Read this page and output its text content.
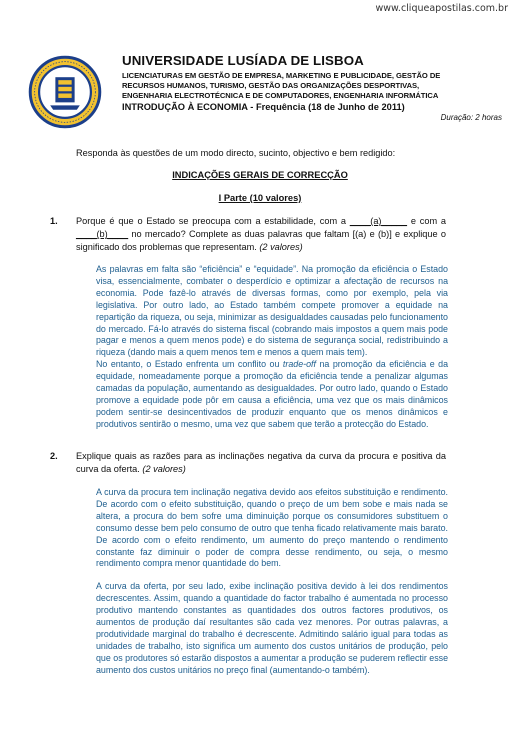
www.cliqueapostilas.com.br
UNIVERSIDADE LUSÍADA DE LISBOA
LICENCIATURAS EM GESTÃO DE EMPRESA, MARKETING E PUBLICIDADE, GESTÃO DE
RECURSOS HUMANOS, TURISMO, GESTÃO DAS ORGANIZAÇÕES DESPORTIVAS,
ENGENHARIA ELECTROTÉCNICA E DE COMPUTADORES, ENGENHARIA INFORMÁTICA
INTRODUÇÃO À ECONOMIA - Frequência (18 de Junho de 2011)
Duração: 2 horas
Responda às questões de um modo directo, sucinto, objectivo e bem redigido:
INDICAÇÕES GERAIS DE CORRECÇÃO
I Parte (10 valores)
1. Porque é que o Estado se preocupa com a estabilidade, com a ____(a)_____ e com a ____(b)____ no mercado? Complete as duas palavras que faltam [(a) e (b)] e explique o significado dos problemas que representam. (2 valores)

As palavras em falta são “eficiência” e “equidade”. Na promoção da eficiência o Estado visa, essencialmente, combater o desperdício e optimizar a afectação de recursos na economia. Pode fazê-lo através de diversas formas, como por exemplo, pela via legislativa. Por outro lado, ao Estado também compete promover a equidade na repartição da riqueza, ou seja, minimizar as desigualdades causadas pelo funcionamento do mercado. Fá-lo através do sistema fiscal (cobrando mais impostos a quem mais pode pagar e menos a quem menos pode) e do sistema de segurança social, redistribuindo a riqueza (dando mais a quem menos tem e menos a quem mais tem).

No entanto, o Estado enfrenta um conflito ou trade-off na promoção da eficiência e da equidade, nomeadamente porque a promoção da eficiência tende a penalizar algumas camadas da população, aumentando as desigualdades. Por outro lado, quando o Estado promove a equidade pode pôr em causa a eficiência, uma vez que os mais dinâmicos podem sentir-se desincentivados de produzir enquanto que os menos dinâmicos e produtivos sentirão o mesmo, uma vez que sabem que terão a protecção do Estado.

2. Explique quais as razões para as inclinações negativa da curva da procura e positiva da curva da oferta. (2 valores)

A curva da procura tem inclinação negativa devido aos efeitos substituição e rendimento. De acordo com o efeito substituição, quando o preço de um bem sobe e mais nada se altera, a procura do bem sofre uma diminuição porque os consumidores substituem o consumo desse bem pelo consumo de outro que tenha ficado relativamente mais barato. De acordo com o efeito rendimento, um aumento do preço mantendo o rendimento constante faz diminuir o poder de compra desse rendimento, ou seja, o mesmo rendimento compra menor quantidade do bem.

A curva da oferta, por seu lado, exibe inclinação positiva devido à lei dos rendimentos decrescentes. Assim, quando a quantidade do factor trabalho é aumentada no processo produtivo mantendo constantes as quantidades dos outros factores produtivos, os aumentos de produção daí resultantes são cada vez menores. Por outras palavras, a produtividade marginal do trabalho é decrescente. Admitindo salário igual para todas as unidades de trabalho, isto significa um aumento dos custos unitários de produção, pelo que os produtores só estarão dispostos a aumentar a produção se puderem reflectir esse aumento dos custos unitários no preço final (aumentando-o também).
